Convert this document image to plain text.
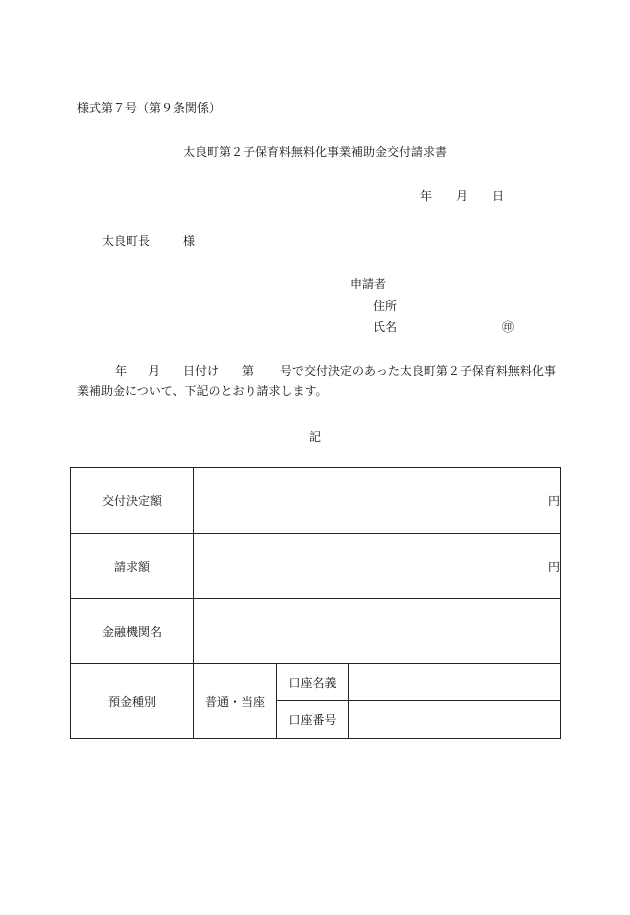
様式第７号（第９条関係）
太良町第２子保育料無料化事業補助金交付請求書
年 月 日
太良町長	様
申請者
住所
氏名	㊞
年 月 日付け 第 号で交付決定のあった太良町第２子保育料無料化事
業補助金について、下記のとおり請求します。
記
交付決定額	円		
請求額	円		
金融機関名			
預金種別	普通・当座	口座名義	
		口座番号	
